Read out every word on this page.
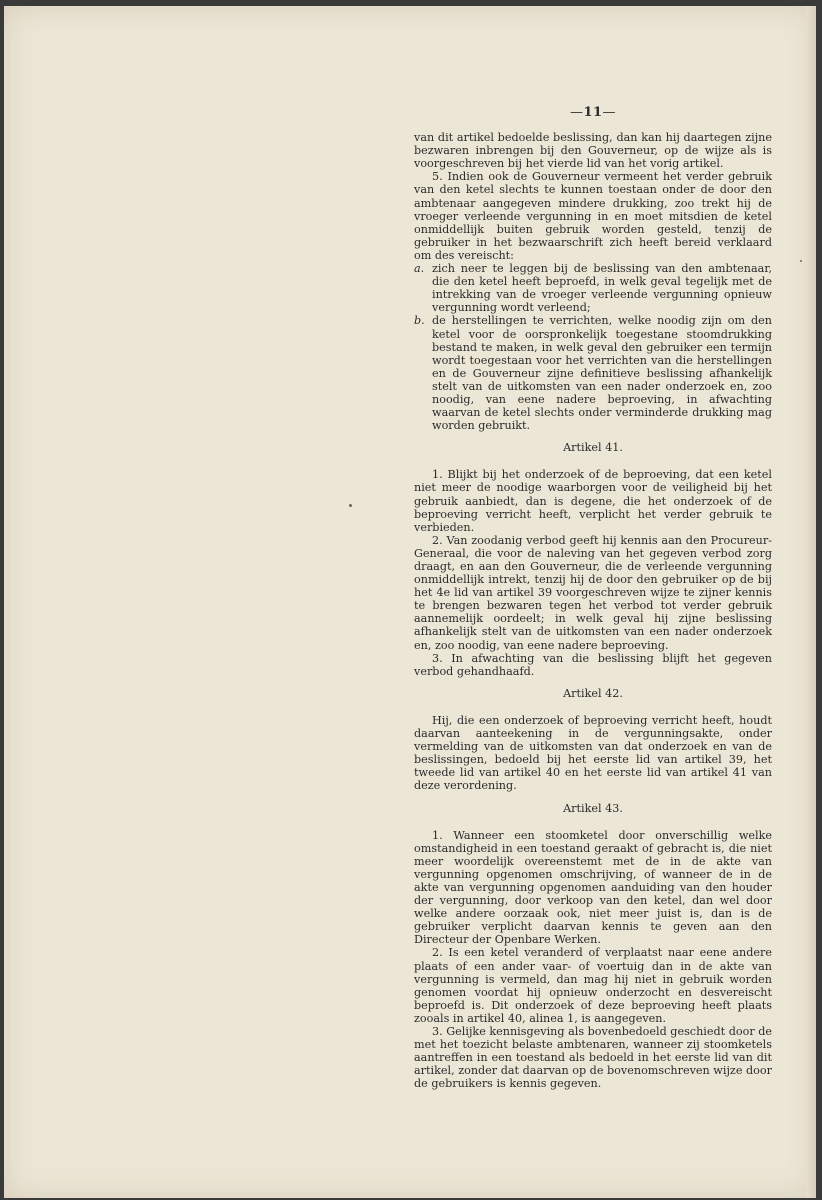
—11—

van dit artikel bedoelde beslissing, dan kan hij daartegen zijne bezwaren inbrengen bij den Gouverneur, op de wijze als is voorgeschreven bij het vierde lid van het vorig artikel.

5. Indien ook de Gouverneur vermeent het verder gebruik van den ketel slechts te kunnen toestaan onder de door den ambtenaar aangegeven mindere drukking, zoo trekt hij de vroeger verleende vergunning in en moet mitsdien de ketel onmiddellijk buiten gebruik worden gesteld, tenzij de gebruiker in het bezwaarschrift zich heeft bereid verklaard om des vereischt:

a. zich neer te leggen bij de beslissing van den ambtenaar, die den ketel heeft beproefd, in welk geval tegelijk met de intrekking van de vroeger verleende vergunning opnieuw vergunning wordt verleend;
b. de herstellingen te verrichten, welke noodig zijn om den ketel voor de oorspronkelijk toegestane stoomdrukking bestand te maken, in welk geval den gebruiker een termijn wordt toegestaan voor het verrichten van die herstellingen en de Gouverneur zijne definitieve beslissing afhankelijk stelt van de uitkomsten van een nader onderzoek en, zoo noodig, van eene nadere beproeving, in afwachting waarvan de ketel slechts onder verminderde drukking mag worden gebruikt.
Artikel 41.

1. Blijkt bij het onderzoek of de beproeving, dat een ketel niet meer de noodige waarborgen voor de veiligheid bij het gebruik aanbiedt, dan is degene, die het onderzoek of de beproeving verricht heeft, verplicht het verder gebruik te verbieden.

2. Van zoodanig verbod geeft hij kennis aan den Procureur-Generaal, die voor de naleving van het gegeven verbod zorg draagt, en aan den Gouverneur, die de verleende vergunning onmiddellijk intrekt, tenzij hij de door den gebruiker op de bij het 4e lid van artikel 39 voorgeschreven wijze te zijner kennis te brengen bezwaren tegen het verbod tot verder gebruik aannemelijk oordeelt; in welk geval hij zijne beslissing afhankelijk stelt van de uitkomsten van een nader onderzoek en, zoo noodig, van eene nadere beproeving.

3. In afwachting van die beslissing blijft het gegeven verbod gehandhaafd.

Artikel 42.

Hij, die een onderzoek of beproeving verricht heeft, houdt daarvan aanteekening in de vergunningsakte, onder vermelding van de uitkomsten van dat onderzoek en van de beslissingen, bedoeld bij het eerste lid van artikel 39, het tweede lid van artikel 40 en het eerste lid van artikel 41 van deze verordening.

Artikel 43.

1. Wanneer een stoomketel door onverschillig welke omstandigheid in een toestand geraakt of gebracht is, die niet meer woordelijk overeenstemt met de in de akte van vergunning opgenomen omschrijving, of wanneer de in de akte van vergunning opgenomen aanduiding van den houder der vergunning, door verkoop van den ketel, dan wel door welke andere oorzaak ook, niet meer juist is, dan is de gebruiker verplicht daarvan kennis te geven aan den Directeur der Openbare Werken.

2. Is een ketel veranderd of verplaatst naar eene andere plaats of een ander vaar- of voertuig dan in de akte van vergunning is vermeld, dan mag hij niet in gebruik worden genomen voordat hij opnieuw onderzocht en desvereischt beproefd is. Dit onderzoek of deze beproeving heeft plaats zooals in artikel 40, alinea 1, is aangegeven.

3. Gelijke kennisgeving als bovenbedoeld geschiedt door de met het toezicht belaste ambtenaren, wanneer zij stoomketels aantreffen in een toestand als bedoeld in het eerste lid van dit artikel, zonder dat daarvan op de bovenomschreven wijze door de gebruikers is kennis gegeven.
